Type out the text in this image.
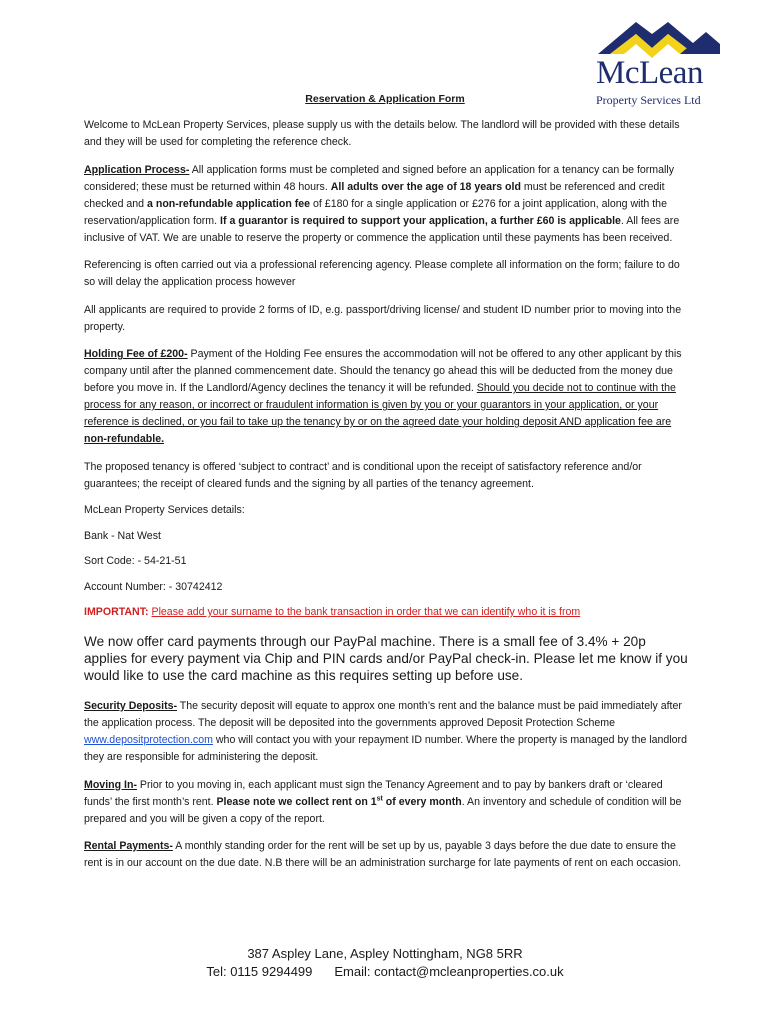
McLean
Property Services Ltd
Reservation & Application Form

Welcome to McLean Property Services, please supply us with the details below. The landlord will be provided with these details and they will be used for completing the reference check.

Application Process- All application forms must be completed and signed before an application for a tenancy can be formally considered; these must be returned within 48 hours. All adults over the age of 18 years old must be referenced and credit checked and a non-refundable application fee of £180 for a single application or £276 for a joint application, along with the reservation/application form. If a guarantor is required to support your application, a further £60 is applicable. All fees are inclusive of VAT. We are unable to reserve the property or commence the application until these payments has been received.

Referencing is often carried out via a professional referencing agency. Please complete all information on the form; failure to do so will delay the application process however

All applicants are required to provide 2 forms of ID, e.g. passport/driving license/ and student ID number prior to moving into the property.

Holding Fee of £200- Payment of the Holding Fee ensures the accommodation will not be offered to any other applicant by this company until after the planned commencement date. Should the tenancy go ahead this will be deducted from the money due before you move in. If the Landlord/Agency declines the tenancy it will be refunded. Should you decide not to continue with the process for any reason, or incorrect or fraudulent information is given by you or your guarantors in your application, or your reference is declined, or you fail to take up the tenancy by or on the agreed date your holding deposit AND application fee are non-refundable.

The proposed tenancy is offered ‘subject to contract’ and is conditional upon the receipt of satisfactory reference and/or guarantees; the receipt of cleared funds and the signing by all parties of the tenancy agreement.

McLean Property Services details:

Bank - Nat West

Sort Code: - 54-21-51

Account Number: - 30742412

IMPORTANT: Please add your surname to the bank transaction in order that we can identify who it is from

We now offer card payments through our PayPal machine. There is a small fee of 3.4% + 20p applies for every payment via Chip and PIN cards and/or PayPal check-in. Please let me know if you would like to use the card machine as this requires setting up before use.

Security Deposits- The security deposit will equate to approx one month’s rent and the balance must be paid immediately after the application process. The deposit will be deposited into the governments approved Deposit Protection Scheme www.depositprotection.com who will contact you with your repayment ID number. Where the property is managed by the landlord they are responsible for administering the deposit.

Moving In- Prior to you moving in, each applicant must sign the Tenancy Agreement and to pay by bankers draft or ‘cleared funds’ the first month’s rent. Please note we collect rent on 1st of every month. An inventory and schedule of condition will be prepared and you will be given a copy of the report.

Rental Payments- A monthly standing order for the rent will be set up by us, payable 3 days before the due date to ensure the rent is in our account on the due date. N.B there will be an administration surcharge for late payments of rent on each occasion.

387 Aspley Lane, Aspley Nottingham, NG8 5RR
Tel: 0115 9294499 Email: contact@mcleanproperties.co.uk
